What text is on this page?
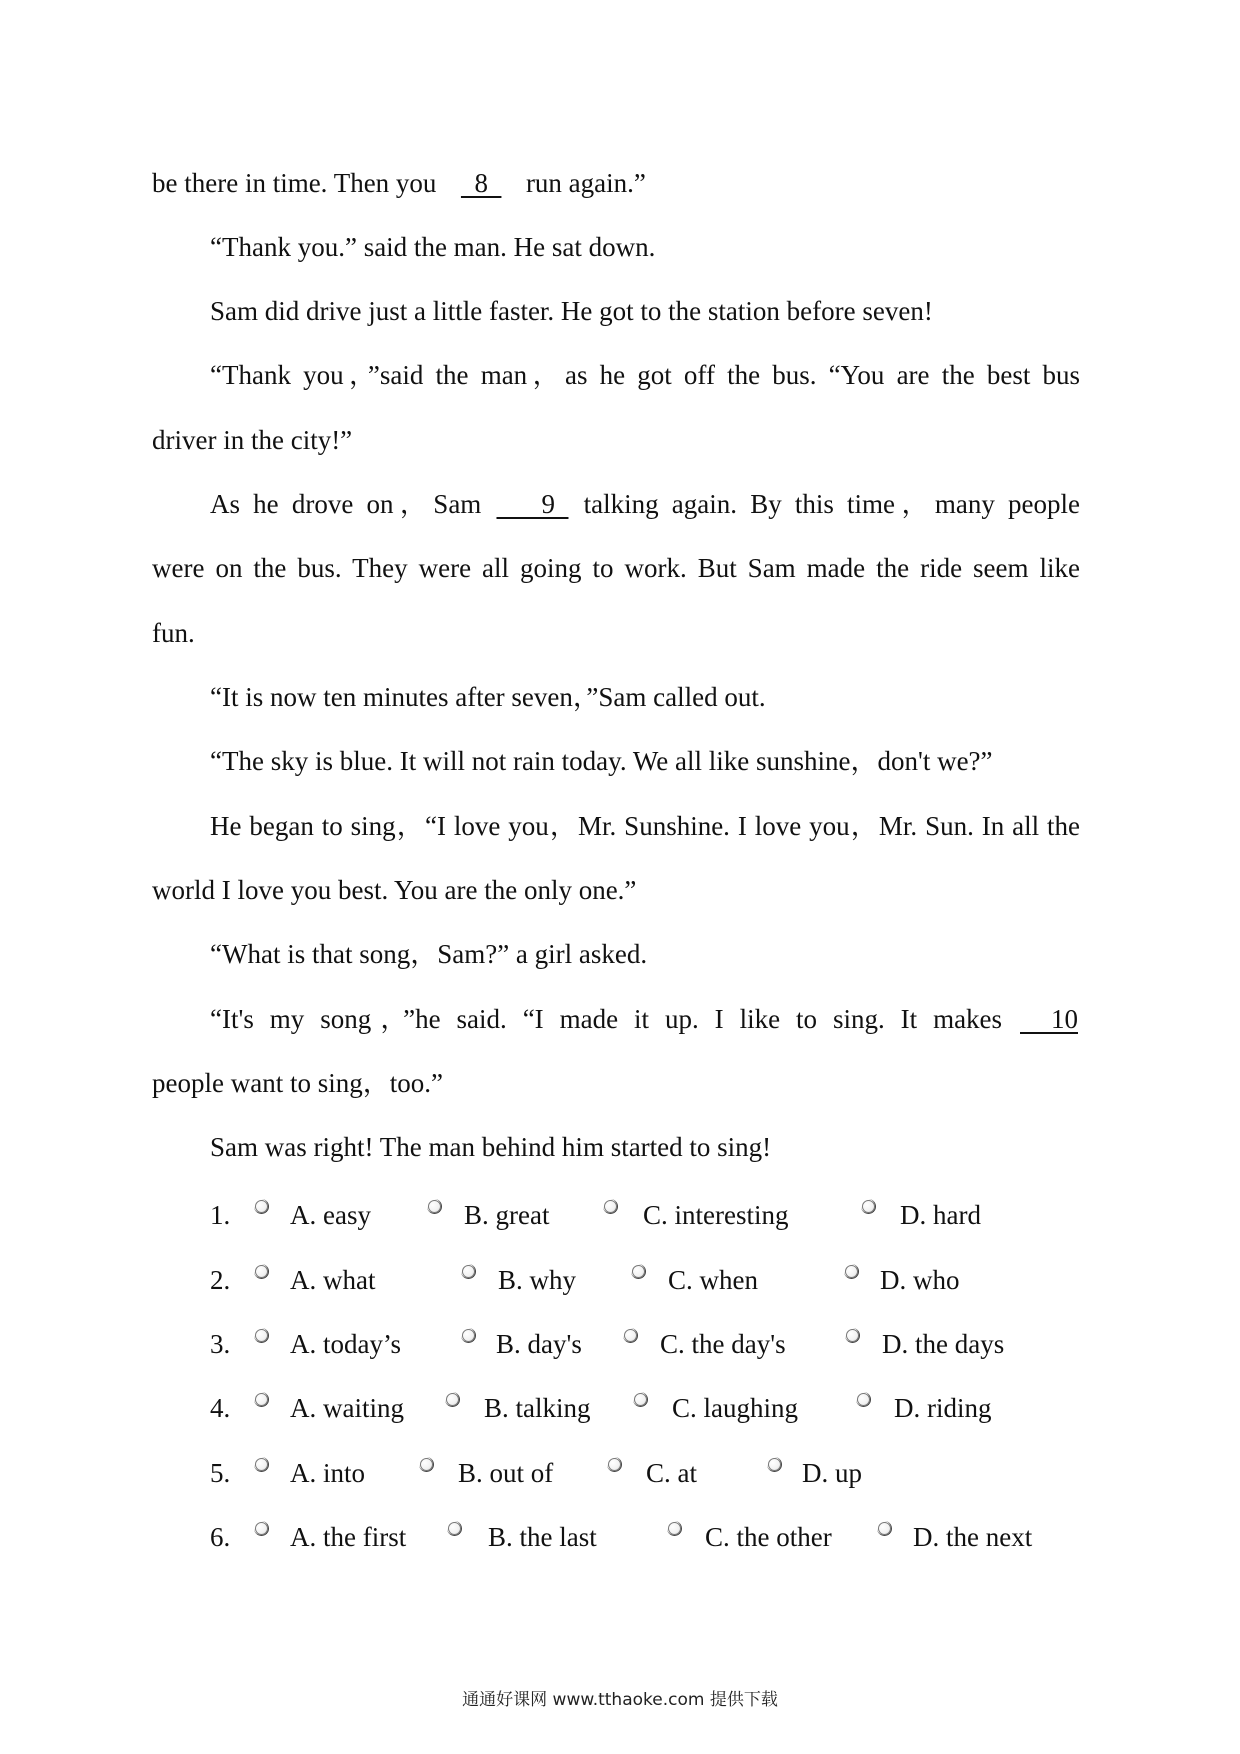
be there in time. Then you   8   run again.”
“Thank you.” said the man. He sat down.
Sam did drive just a little faster. He got to the station before seven!
“Thank you，”said the man，as he got off the bus. “You are the best bus
driver in the city!”
As he drove on，Sam   9   talking again. By this time，many people
were on the bus. They were all going to work. But Sam made the ride seem like
fun.
“It is now ten minutes after seven，”Sam called out.
“The sky is blue. It will not rain today. We all like sunshine，don't we?”
He began to sing，“I love you，Mr. Sunshine. I love you，Mr. Sun. In all the
world I love you best. You are the only one.”
“What is that song，Sam?” a girl asked.
“It's my song，”he said. “I made it up. I like to sing. It makes   10
people want to sing，too.”
Sam was right! The man behind him started to sing!
1. A. easy	B. great	C. interesting	D. hard
2. A. what	B. why	C. when	D. who
3. A. today’s	B. day's	C. the day's	D. the days
4. A. waiting	B. talking	C. laughing	D. riding
5. A. into	B. out of	C. at	D. up
6. A. the first	B. the last	C. the other	D. the next
通通好课网 www.tthaoke.com 提供下载
